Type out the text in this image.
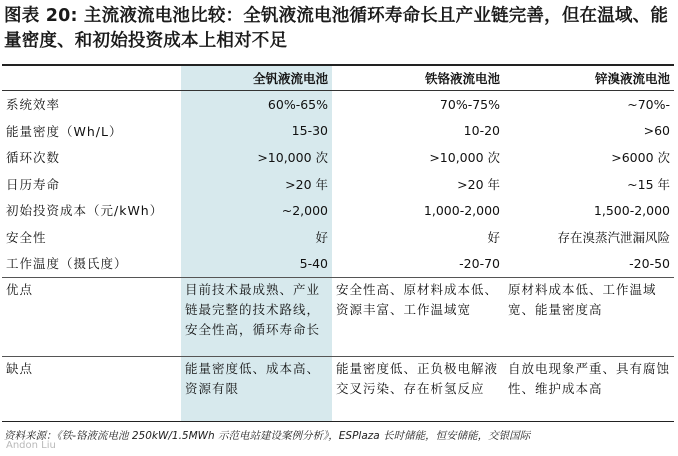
图表 20: 主流液流电池比较：全钒液流电池循环寿命长且产业链完善，但在温域、能量密度、和初始投资成本上相对不足
	全钒液流电池	铁铬液流电池	锌溴液流电池
系统效率	60%-65%	70%-75%	~70%-
能量密度（Wh/L）	15-30	10-20	>60
循环次数	>10,000 次	>10,000 次	>6000 次
日历寿命	>20 年	>20 年	~15 年
初始投资成本（元/kWh）	~2,000	1,000-2,000	1,500-2,000
安全性	好	好	存在溴蒸汽泄漏风险
工作温度（摄氏度）	5-40	-20-70	-20-50
优点	目前技术最成熟、产业链最完整的技术路线，安全性高，循环寿命长	安全性高、原材料成本低、资源丰富、工作温域宽	原材料成本低、工作温域宽、能量密度高
缺点	能量密度低、成本高、资源有限	能量密度低、正负极电解液交叉污染、存在析氢反应	自放电现象严重、具有腐蚀性、维护成本高
资料来源：《铁-铬液流电池 250kW/1.5MWh 示范电站建设案例分析》，ESPlaza 长时储能，恒安储能，交银国际
Andon Liu
